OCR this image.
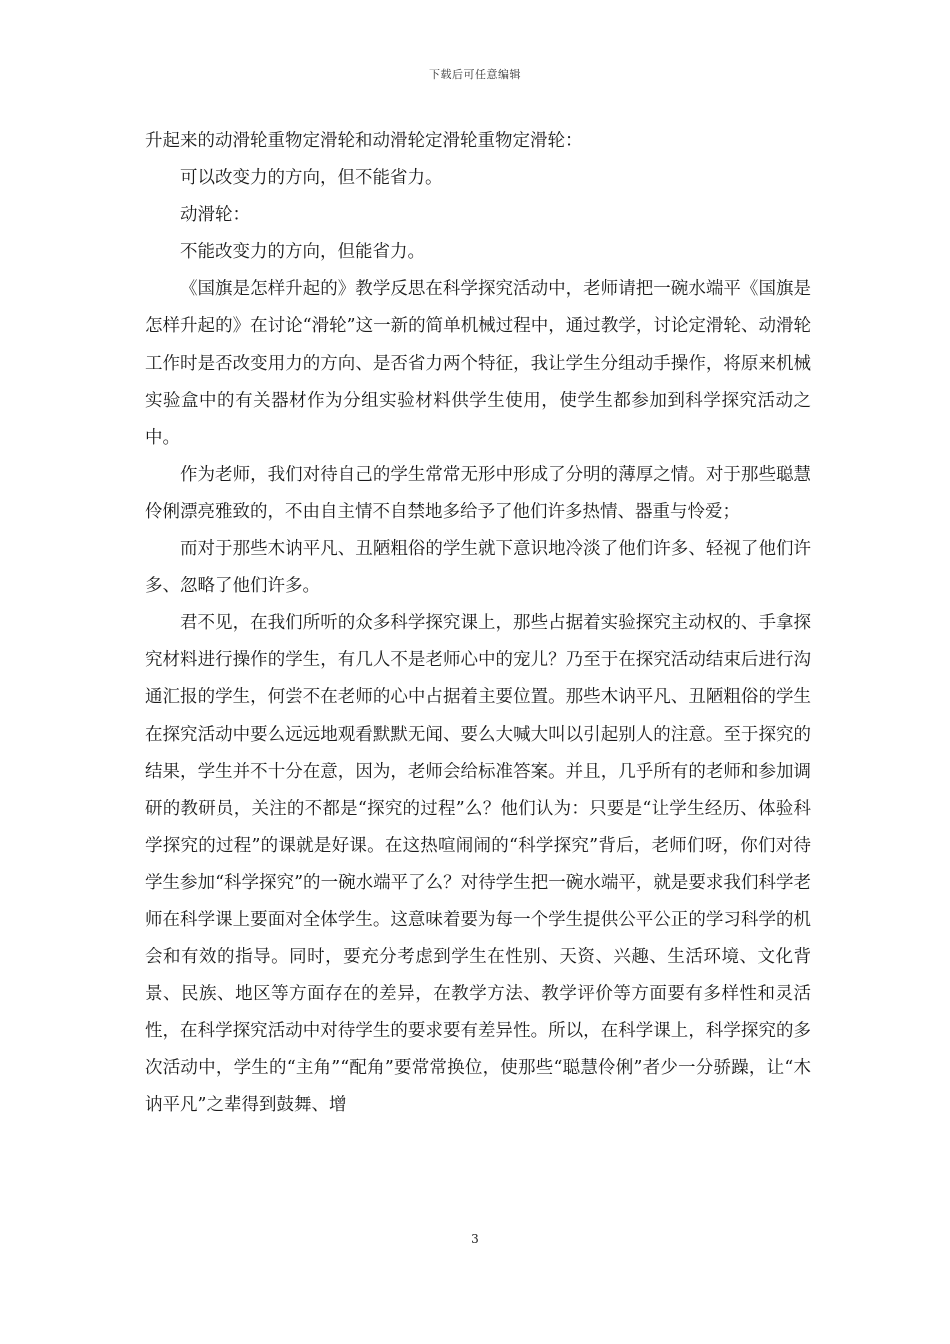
下载后可任意编辑

升起来的动滑轮重物定滑轮和动滑轮定滑轮重物定滑轮：

可以改变力的方向，但不能省力。

动滑轮：

不能改变力的方向，但能省力。

《国旗是怎样升起的》教学反思在科学探究活动中，老师请把一碗水端平《国旗是怎样升起的》在讨论“滑轮”这一新的简单机械过程中，通过教学，讨论定滑轮、动滑轮工作时是否改变用力的方向、是否省力两个特征，我让学生分组动手操作，将原来机械实验盒中的有关器材作为分组实验材料供学生使用，使学生都参加到科学探究活动之中。

作为老师，我们对待自己的学生常常无形中形成了分明的薄厚之情。对于那些聪慧伶俐漂亮雅致的，不由自主情不自禁地多给予了他们许多热情、器重与怜爱；

而对于那些木讷平凡、丑陋粗俗的学生就下意识地冷淡了他们许多、轻视了他们许多、忽略了他们许多。

君不见，在我们所听的众多科学探究课上，那些占据着实验探究主动权的、手拿探究材料进行操作的学生，有几人不是老师心中的宠儿？乃至于在探究活动结束后进行沟通汇报的学生，何尝不在老师的心中占据着主要位置。那些木讷平凡、丑陋粗俗的学生在探究活动中要么远远地观看默默无闻、要么大喊大叫以引起别人的注意。至于探究的结果，学生并不十分在意，因为，老师会给标准答案。并且，几乎所有的老师和参加调研的教研员，关注的不都是“探究的过程”么？他们认为：只要是“让学生经历、体验科学探究的过程”的课就是好课。在这热喧闹闹的“科学探究”背后，老师们呀，你们对待学生参加“科学探究”的一碗水端平了么？对待学生把一碗水端平，就是要求我们科学老师在科学课上要面对全体学生。这意味着要为每一个学生提供公平公正的学习科学的机会和有效的指导。同时，要充分考虑到学生在性别、天资、兴趣、生活环境、文化背景、民族、地区等方面存在的差异，在教学方法、教学评价等方面要有多样性和灵活性，在科学探究活动中对待学生的要求要有差异性。所以，在科学课上，科学探究的多次活动中，学生的“主角”“配角”要常常换位，使那些“聪慧伶俐”者少一分骄躁，让“木讷平凡”之辈得到鼓舞、增

3
